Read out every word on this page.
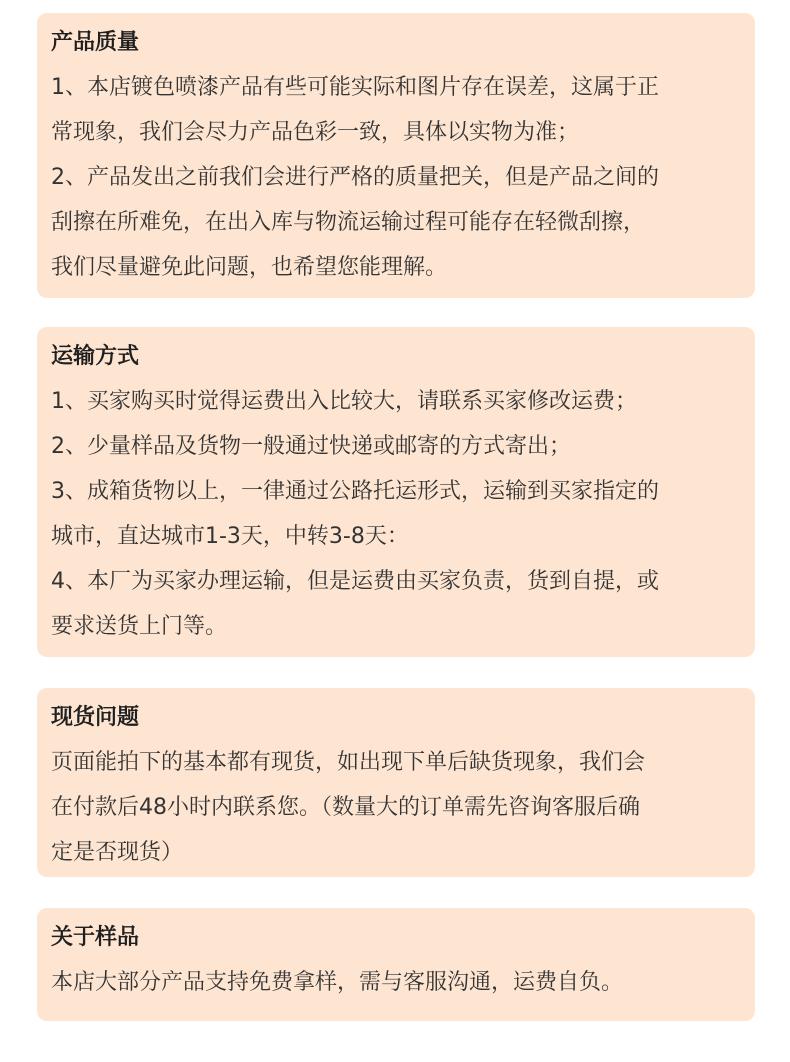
产品质量

1、本店镀色喷漆产品有些可能实际和图片存在误差，这属于正

常现象，我们会尽力产品色彩一致，具体以实物为准；

2、产品发出之前我们会进行严格的质量把关，但是产品之间的

刮擦在所难免，在出入库与物流运输过程可能存在轻微刮擦，

我们尽量避免此问题，也希望您能理解。

运输方式

1、买家购买时觉得运费出入比较大，请联系买家修改运费；

2、少量样品及货物一般通过快递或邮寄的方式寄出；

3、成箱货物以上，一律通过公路托运形式，运输到买家指定的

城市，直达城市1-3天，中转3-8天：

4、本厂为买家办理运输，但是运费由买家负责，货到自提，或

要求送货上门等。

现货问题

页面能拍下的基本都有现货，如出现下单后缺货现象，我们会

在付款后48小时内联系您。（数量大的订单需先咨询客服后确

定是否现货）

关于样品

本店大部分产品支持免费拿样，需与客服沟通，运费自负。
